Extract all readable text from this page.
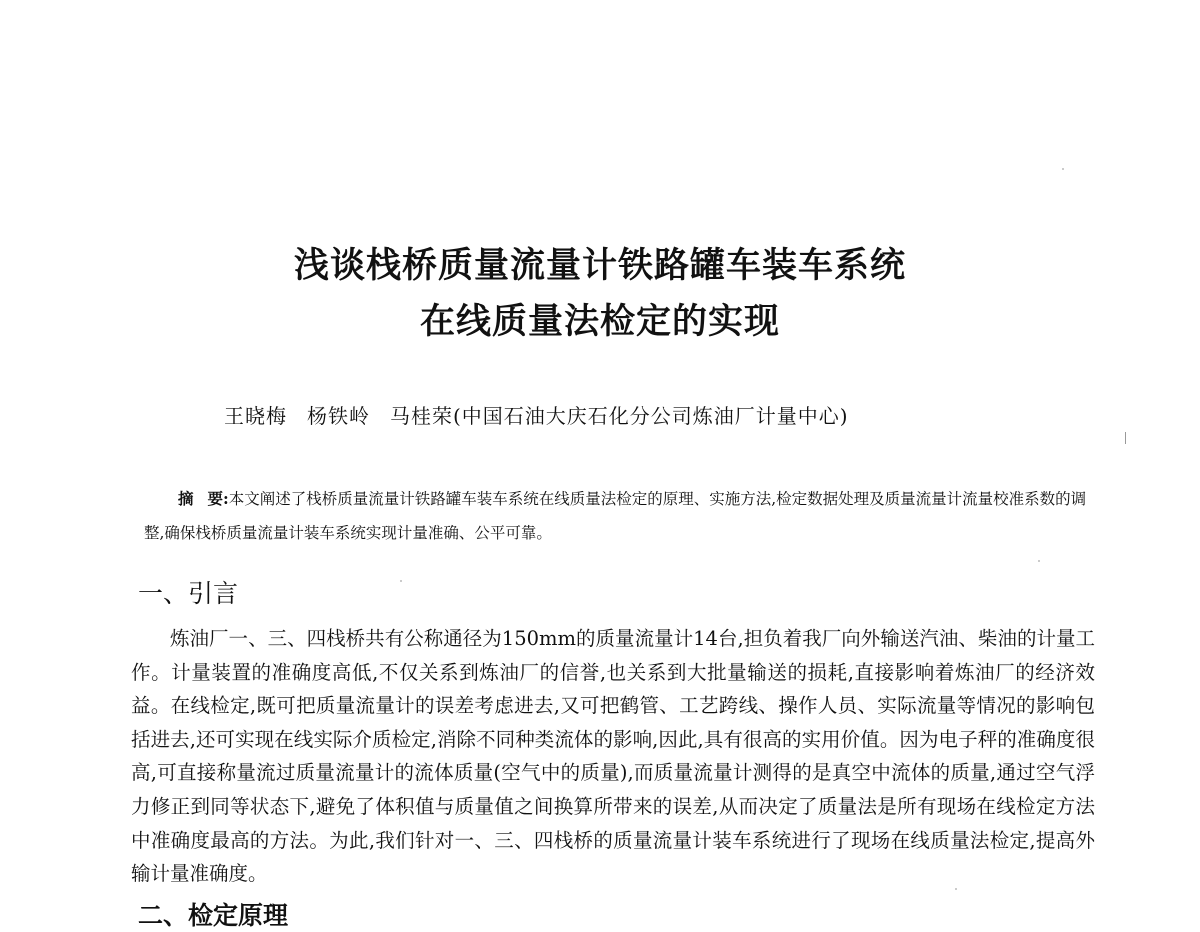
浅谈栈桥质量流量计铁路罐车装车系统
在线质量法检定的实现
王晓梅 杨铁岭 马桂荣(中国石油大庆石化分公司炼油厂计量中心)
摘 要:本文阐述了栈桥质量流量计铁路罐车装车系统在线质量法检定的原理、实施方法,检定数据处理及质量流量计流量校准系数的调整,确保栈桥质量流量计装车系统实现计量准确、公平可靠。
一、引言
炼油厂一、三、四栈桥共有公称通径为150mm的质量流量计14台,担负着我厂向外输送汽油、柴油的计量工作。计量装置的准确度高低,不仅关系到炼油厂的信誉,也关系到大批量输送的损耗,直接影响着炼油厂的经济效益。在线检定,既可把质量流量计的误差考虑进去,又可把鹤管、工艺跨线、操作人员、实际流量等情况的影响包括进去,还可实现在线实际介质检定,消除不同种类流体的影响,因此,具有很高的实用价值。因为电子秤的准确度很高,可直接称量流过质量流量计的流体质量(空气中的质量),而质量流量计测得的是真空中流体的质量,通过空气浮力修正到同等状态下,避免了体积值与质量值之间换算所带来的误差,从而决定了质量法是所有现场在线检定方法中准确度最高的方法。为此,我们针对一、三、四栈桥的质量流量计装车系统进行了现场在线质量法检定,提高外输计量准确度。
二、检定原理
